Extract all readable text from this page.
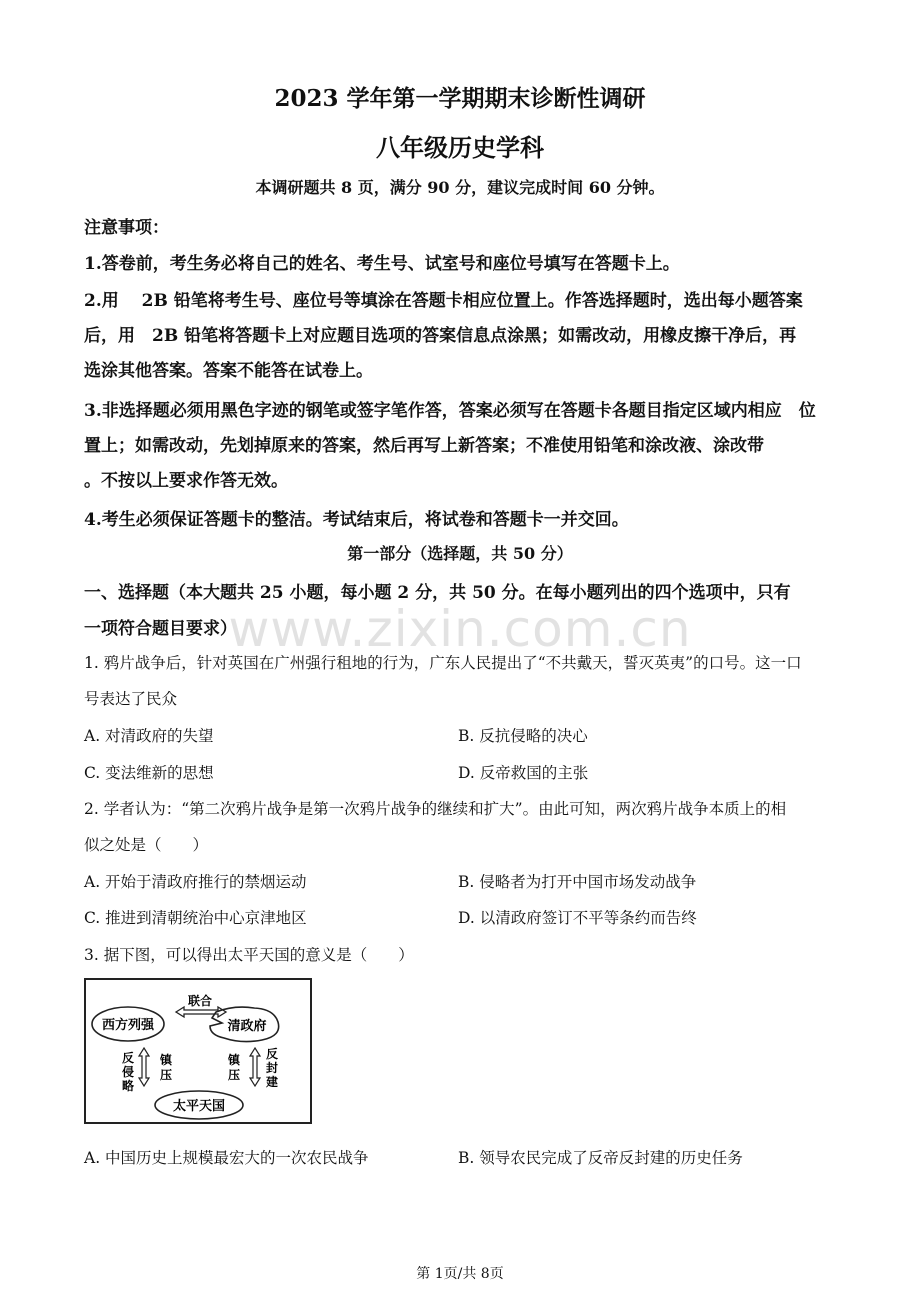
www.zixin.com.cn
2023 学年第一学期期末诊断性调研
八年级历史学科
本调研题共 8 页，满分 90 分，建议完成时间 60 分钟。
注意事项：
1.答卷前，考生务必将自己的姓名、考生号、试室号和座位号填写在答题卡上。
2.用　 2B 铅笔将考生号、座位号等填涂在答题卡相应位置上。作答选择题时，选出每小题答案
后，用　2B 铅笔将答题卡上对应题目选项的答案信息点涂黑；如需改动，用橡皮擦干净后，再
选涂其他答案。答案不能答在试卷上。
3.非选择题必须用黑色字迹的钢笔或签字笔作答，答案必须写在答题卡各题目指定区域内相应　位
置上；如需改动，先划掉原来的答案，然后再写上新答案；不准使用铅笔和涂改液、涂改带
。不按以上要求作答无效。
4.考生必须保证答题卡的整洁。考试结束后，将试卷和答题卡一并交回。
第一部分（选择题，共 50 分）
一、选择题（本大题共 25 小题，每小题 2 分，共 50 分。在每小题列出的四个选项中，只有
一项符合题目要求）
1. 鸦片战争后，针对英国在广州强行租地的行为，广东人民提出了“不共戴天，誓灭英夷”的口号。这一口
号表达了民众
A. 对清政府的失望	B. 反抗侵略的决心
C. 变法维新的思想	D. 反帝救国的主张
2. 学者认为：“第二次鸦片战争是第一次鸦片战争的继续和扩大”。由此可知，两次鸦片战争本质上的相
似之处是（　　）
A. 开始于清政府推行的禁烟运动	B. 侵略者为打开中国市场发动战争
C. 推进到清朝统治中心京津地区	D. 以清政府签订不平等条约而告终
3. 据下图，可以得出太平天国的意义是（　　）
西方列强	清政府
联合
太平天国
反
侵
略
镇
压
镇
压
反
封
建
A. 中国历史上规模最宏大的一次农民战争	B. 领导农民完成了反帝反封建的历史任务
第 1页/共 8页
